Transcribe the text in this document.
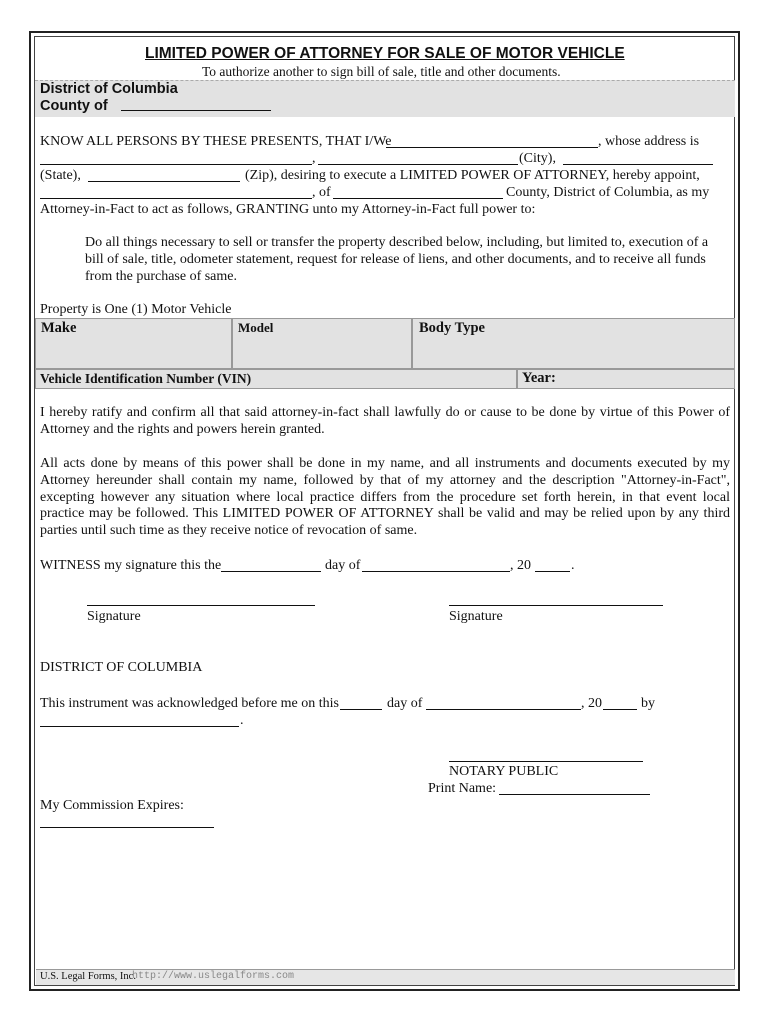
LIMITED POWER OF ATTORNEY FOR SALE OF MOTOR VEHICLE
To authorize another to sign bill of sale, title and other documents.
District of Columbia
County of
KNOW ALL PERSONS BY THESE PRESENTS, THAT I/We	, whose address is
,	(City),
(State),	(Zip), desiring to execute a LIMITED POWER OF ATTORNEY, hereby appoint,
, of	County, District of Columbia, as my
Attorney-in-Fact to act as follows, GRANTING unto my Attorney-in-Fact full power to:
Do all things necessary to sell or transfer the property described below, including, but limited to, execution of a bill of sale, title, odometer statement, request for release of liens, and other documents, and to receive all funds from the purchase of same.
Property is One (1) Motor Vehicle
Make	Model	Body Type
Vehicle Identification Number (VIN)	Year:
I hereby ratify and confirm all that said attorney-in-fact shall lawfully do or cause to be done by virtue of this Power of Attorney and the rights and powers herein granted.
All acts done by means of this power shall be done in my name, and all instruments and documents executed by my Attorney hereunder shall contain my name, followed by that of my attorney and the description "Attorney-in-Fact", excepting however any situation where local practice differs from the procedure set forth herein, in that event local practice may be followed. This LIMITED POWER OF ATTORNEY shall be valid and may be relied upon by any third parties until such time as they receive notice of revocation of same.
WITNESS my signature this the	day of	, 20	.
Signature	Signature
DISTRICT OF COLUMBIA
This instrument was acknowledged before me on this	day of	, 20	by
.
NOTARY PUBLIC
Print Name:
My Commission Expires:
U.S. Legal Forms, Inc.
http://www.uslegalforms.com
